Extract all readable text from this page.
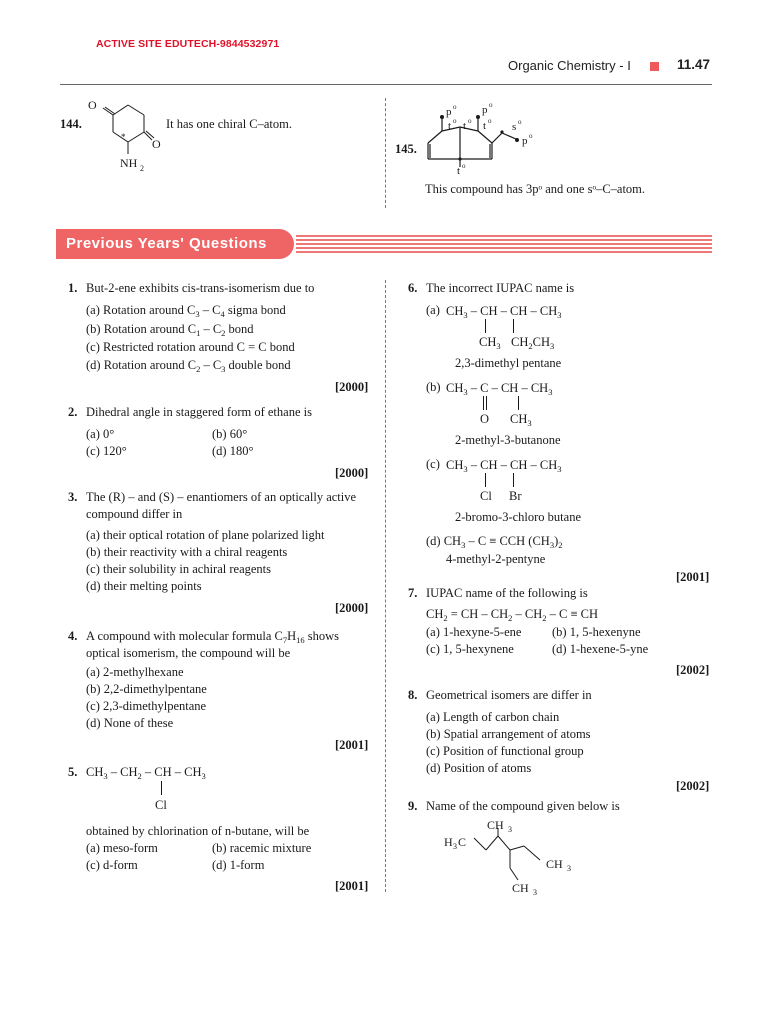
ACTIVE SITE EDUTECH-9844532971
Organic Chemistry - I	11.47
144.
O
O
*
NH 2
It has one chiral C–atom.
145.
p o p o
t o t o t o s o
p o
t o
This compound has 3pᵒ and one sᵒ–C–atom.
Previous Years' Questions
1. But-2-ene exhibits cis-trans-isomerism due to
(a) Rotation around $C_3 - C_4$ sigma bond
(b) Rotation around $C_1 - C_2$ bond
(c) Restricted rotation around C = C bond
(d) Rotation around $C_2 - C_3$ double bond
[2000]
2. Dihedral angle in staggered form of ethane is
(a) 0°	(b) 60°
(c) 120°	(d) 180°
[2000]
3. The (R) – and (S) – enantiomers of an optically active
compound differ in
(a) their optical rotation of plane polarized light
(b) their reactivity with a chiral reagents
(c) their solubility in achiral reagents
(d) their melting points
[2000]
4. A compound with molecular formula $C_7H_{16}$ shows
optical isomerism, the compound will be
(a) 2-methylhexane
(b) 2,2-dimethylpentane
(c) 2,3-dimethylpentane
(d) None of these
[2001]
5. $CH_3 - CH_2$ – CH – $CH_3$
Cl
obtained by chlorination of n-butane, will be
(a) meso-form	(b) racemic mixture
(c) d-form	(d) 1-form
[2001]
6. The incorrect IUPAC name is
(a) $CH_3$ – CH – CH – $CH_3$
$CH_3$ $CH_2CH_3$
2,3-dimethyl pentane
(b) $CH_3$ – C – CH – $CH_3$
O $CH_3$
2-methyl-3-butanone
(c) $CH_3$ – CH – CH – $CH_3$
Cl Br
2-bromo-3-chloro butane
(d) $CH_3$ – C ≡ CCH $(CH_3)_2$
4-methyl-2-pentyne
[2001]
7. IUPAC name of the following is
$CH_2$ = CH – $CH_2 - CH_2$ – C ≡ CH
(a) 1-hexyne-5-ene (b) 1, 5-hexenyne
(c) 1, 5-hexynene	(d) 1-hexene-5-yne
[2002]
8. Geometrical isomers are differ in
(a) Length of carbon chain
(b) Spatial arrangement of atoms
(c) Position of functional group
(d) Position of atoms
[2002]
9. Name of the compound given below is
H 3 C
CH 3
CH 3
CH 3
